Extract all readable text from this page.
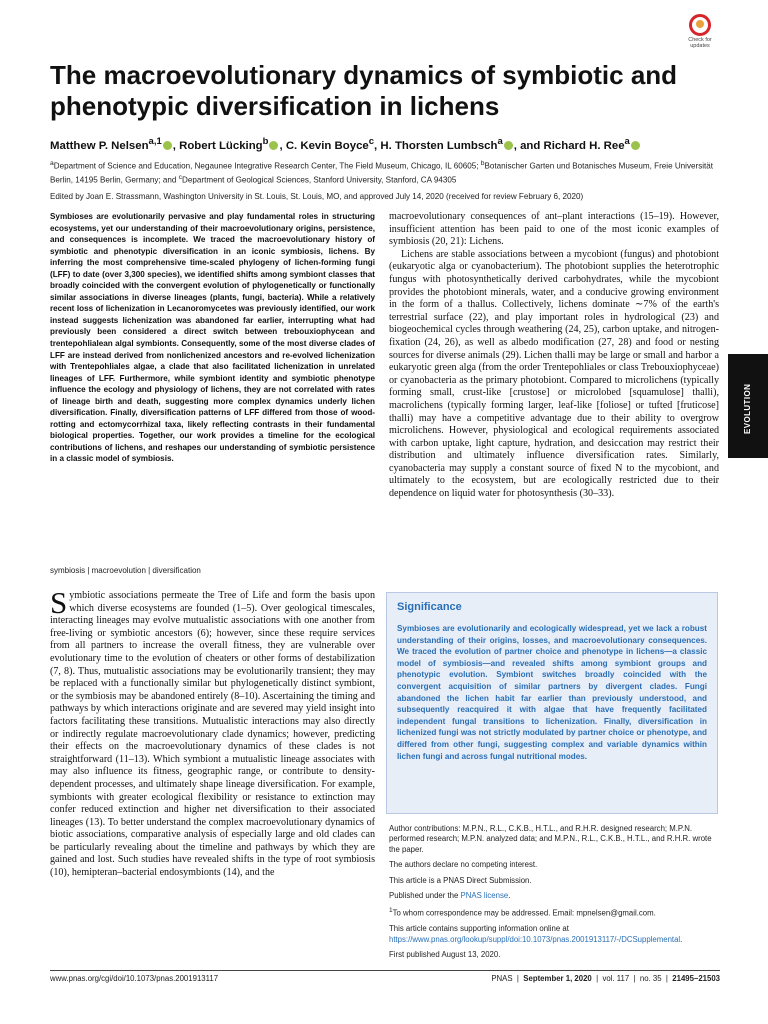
Check for
updates
The macroevolutionary dynamics of symbiotic and phenotypic diversification in lichens
Matthew P. Nelsen$^{a,1}$ , Robert Lücking$^b$ , C. Kevin Boyce$^c$, H. Thorsten Lumbsch$^a$ , and Richard H. Ree$^a$
$^a$Department of Science and Education, Negaunee Integrative Research Center, The Field Museum, Chicago, IL 60605; $^b$Botanischer Garten und Botanisches Museum, Freie Universität Berlin, 14195 Berlin, Germany; and $^c$Department of Geological Sciences, Stanford University, Stanford, CA 94305
Edited by Joan E. Strassmann, Washington University in St. Louis, St. Louis, MO, and approved July 14, 2020 (received for review February 6, 2020)
Symbioses are evolutionarily pervasive and play fundamental roles in structuring ecosystems, yet our understanding of their macroevolutionary origins, persistence, and consequences is incomplete. We traced the macroevolutionary history of symbiotic and phenotypic diversification in an iconic symbiosis, lichens. By inferring the most comprehensive time-scaled phylogeny of lichen-forming fungi (LFF) to date (over 3,300 species), we identified shifts among symbiont classes that broadly coincided with the convergent evolution of phylogenetically or functionally similar associations in diverse lineages (plants, fungi, bacteria). While a relatively recent loss of lichenization in Lecanoromycetes was previously identified, our work instead suggests lichenization was abandoned far earlier, interrupting what had previously been considered a direct switch between trebouxiophycean and trentepohlialean algal symbionts. Consequently, some of the most diverse clades of LFF are instead derived from nonlichenized ancestors and re-evolved lichenization with Trentepohliales algae, a clade that also facilitated lichenization in unrelated lineages of LFF. Furthermore, while symbiont identity and symbiotic phenotype influence the ecology and physiology of lichens, they are not correlated with rates of lineage birth and death, suggesting more complex dynamics underly lichen diversification. Finally, diversification patterns of LFF differed from those of wood-rotting and ectomycorrhizal taxa, likely reflecting contrasts in their fundamental biological properties. Together, our work provides a timeline for the ecological contributions of lichens, and reshapes our understanding of symbiotic persistence in a classic model of symbiosis.
symbiosis | macroevolution | diversification
Symbiotic associations permeate the Tree of Life and form the basis upon which diverse ecosystems are founded (1–5). Over geological timescales, interacting lineages may evolve mutualistic associations with one another from free-living or symbiotic ancestors (6); however, since these require services from all partners to increase the overall fitness, they are vulnerable over evolutionary time to the evolution of cheaters or other forms of destabilization (7, 8). Thus, mutualistic associations may be evolutionarily transient; they may be replaced with a functionally similar but phylogenetically distinct symbiont, or the symbiosis may be abandoned entirely (8–10). Ascertaining the timing and pathways by which interactions originate and are severed may yield insight into factors facilitating these transitions. Mutualistic interactions may also directly or indirectly regulate macroevolutionary clade dynamics; however, predicting their effects on the macroevolutionary dynamics of these clades is not straightforward (11–13). Which symbiont a mutualistic lineage associates with may also influence its fitness, geographic range, or contribute to density-dependent processes, and ultimately shape lineage diversification. For example, symbionts with greater ecological flexibility or resistance to extinction may confer reduced extinction and higher net diversification to their associated lineages (13). To better understand the complex macroevolutionary dynamics of biotic associations, comparative analysis of especially large and old clades can be particularly revealing about the timeline and pathways by which they are gained and lost. Such studies have revealed shifts in the type of root symbiosis (10), hemipteran–bacterial endosymbionts (14), and the

macroevolutionary consequences of ant–plant interactions (15–19). However, insufficient attention has been paid to one of the most iconic examples of symbiosis (20, 21): Lichens.

Lichens are stable associations between a mycobiont (fungus) and photobiont (eukaryotic alga or cyanobacterium). The photobiont supplies the heterotrophic fungus with photosynthetically derived carbohydrates, while the mycobiont provides the photobiont minerals, water, and a conducive growing environment in the form of a thallus. Collectively, lichens dominate ∼7% of the earth's terrestrial surface (22), and play important roles in hydrological (23) and biogeochemical cycles through weathering (24, 25), carbon uptake, and nitrogen-fixation (24, 26), as well as albedo modification (27, 28) and food or nesting sources for diverse animals (29). Lichen thalli may be large or small and harbor a eukaryotic green alga (from the order Trentepohliales or class Trebouxiophyceae) or cyanobacteria as the primary photobiont. Compared to microlichens (typically forming small, crust-like [crustose] or microlobed [squamulose] thalli), macrolichens (typically forming larger, leaf-like [foliose] or tufted [fruticose] thalli) may have a competitive advantage due to their ability to overgrow microlichens. However, physiological and ecological requirements associated with carbon uptake, light capture, hydration, and desiccation may restrict their distribution and ultimately influence diversification rates. Similarly, cyanobacteria may supply a constant source of fixed N to the mycobiont, and ultimately to the ecosystem, but are ecologically restricted due to their dependence on liquid water for photosynthesis (30–33).

EVOLUTION
Significance
Symbioses are evolutionarily and ecologically widespread, yet we lack a robust understanding of their origins, losses, and macroevolutionary consequences. We traced the evolution of partner choice and phenotype in lichens—a classic model of symbiosis—and revealed shifts among symbiont groups and phenotypic evolution. Symbiont switches broadly coincided with the convergent acquisition of similar partners by divergent clades. Fungi abandoned the lichen habit far earlier than previously understood, and subsequently reacquired it with algae that have frequently facilitated independent fungal transitions to lichenization. Finally, diversification in lichenized fungi was not strictly modulated by partner choice or phenotype, and differed from other fungi, suggesting complex and variable dynamics within lichen fungi and across fungal nutritional modes.

Author contributions: M.P.N., R.L., C.K.B., H.T.L., and R.H.R. designed research; M.P.N. performed research; M.P.N. analyzed data; and M.P.N., R.L., C.K.B., H.T.L., and R.H.R. wrote the paper.

The authors declare no competing interest.

This article is a PNAS Direct Submission.

Published under the PNAS license.

$^1$To whom correspondence may be addressed. Email: mpnelsen@gmail.com.

This article contains supporting information online at https://www.pnas.org/lookup/suppl/doi:10.1073/pnas.2001913117/-/DCSupplemental.

First published August 13, 2020.

www.pnas.org/cgi/doi/10.1073/pnas.2001913117	PNAS  |  September 1, 2020  |  vol. 117  |  no. 35  |  21495–21503
